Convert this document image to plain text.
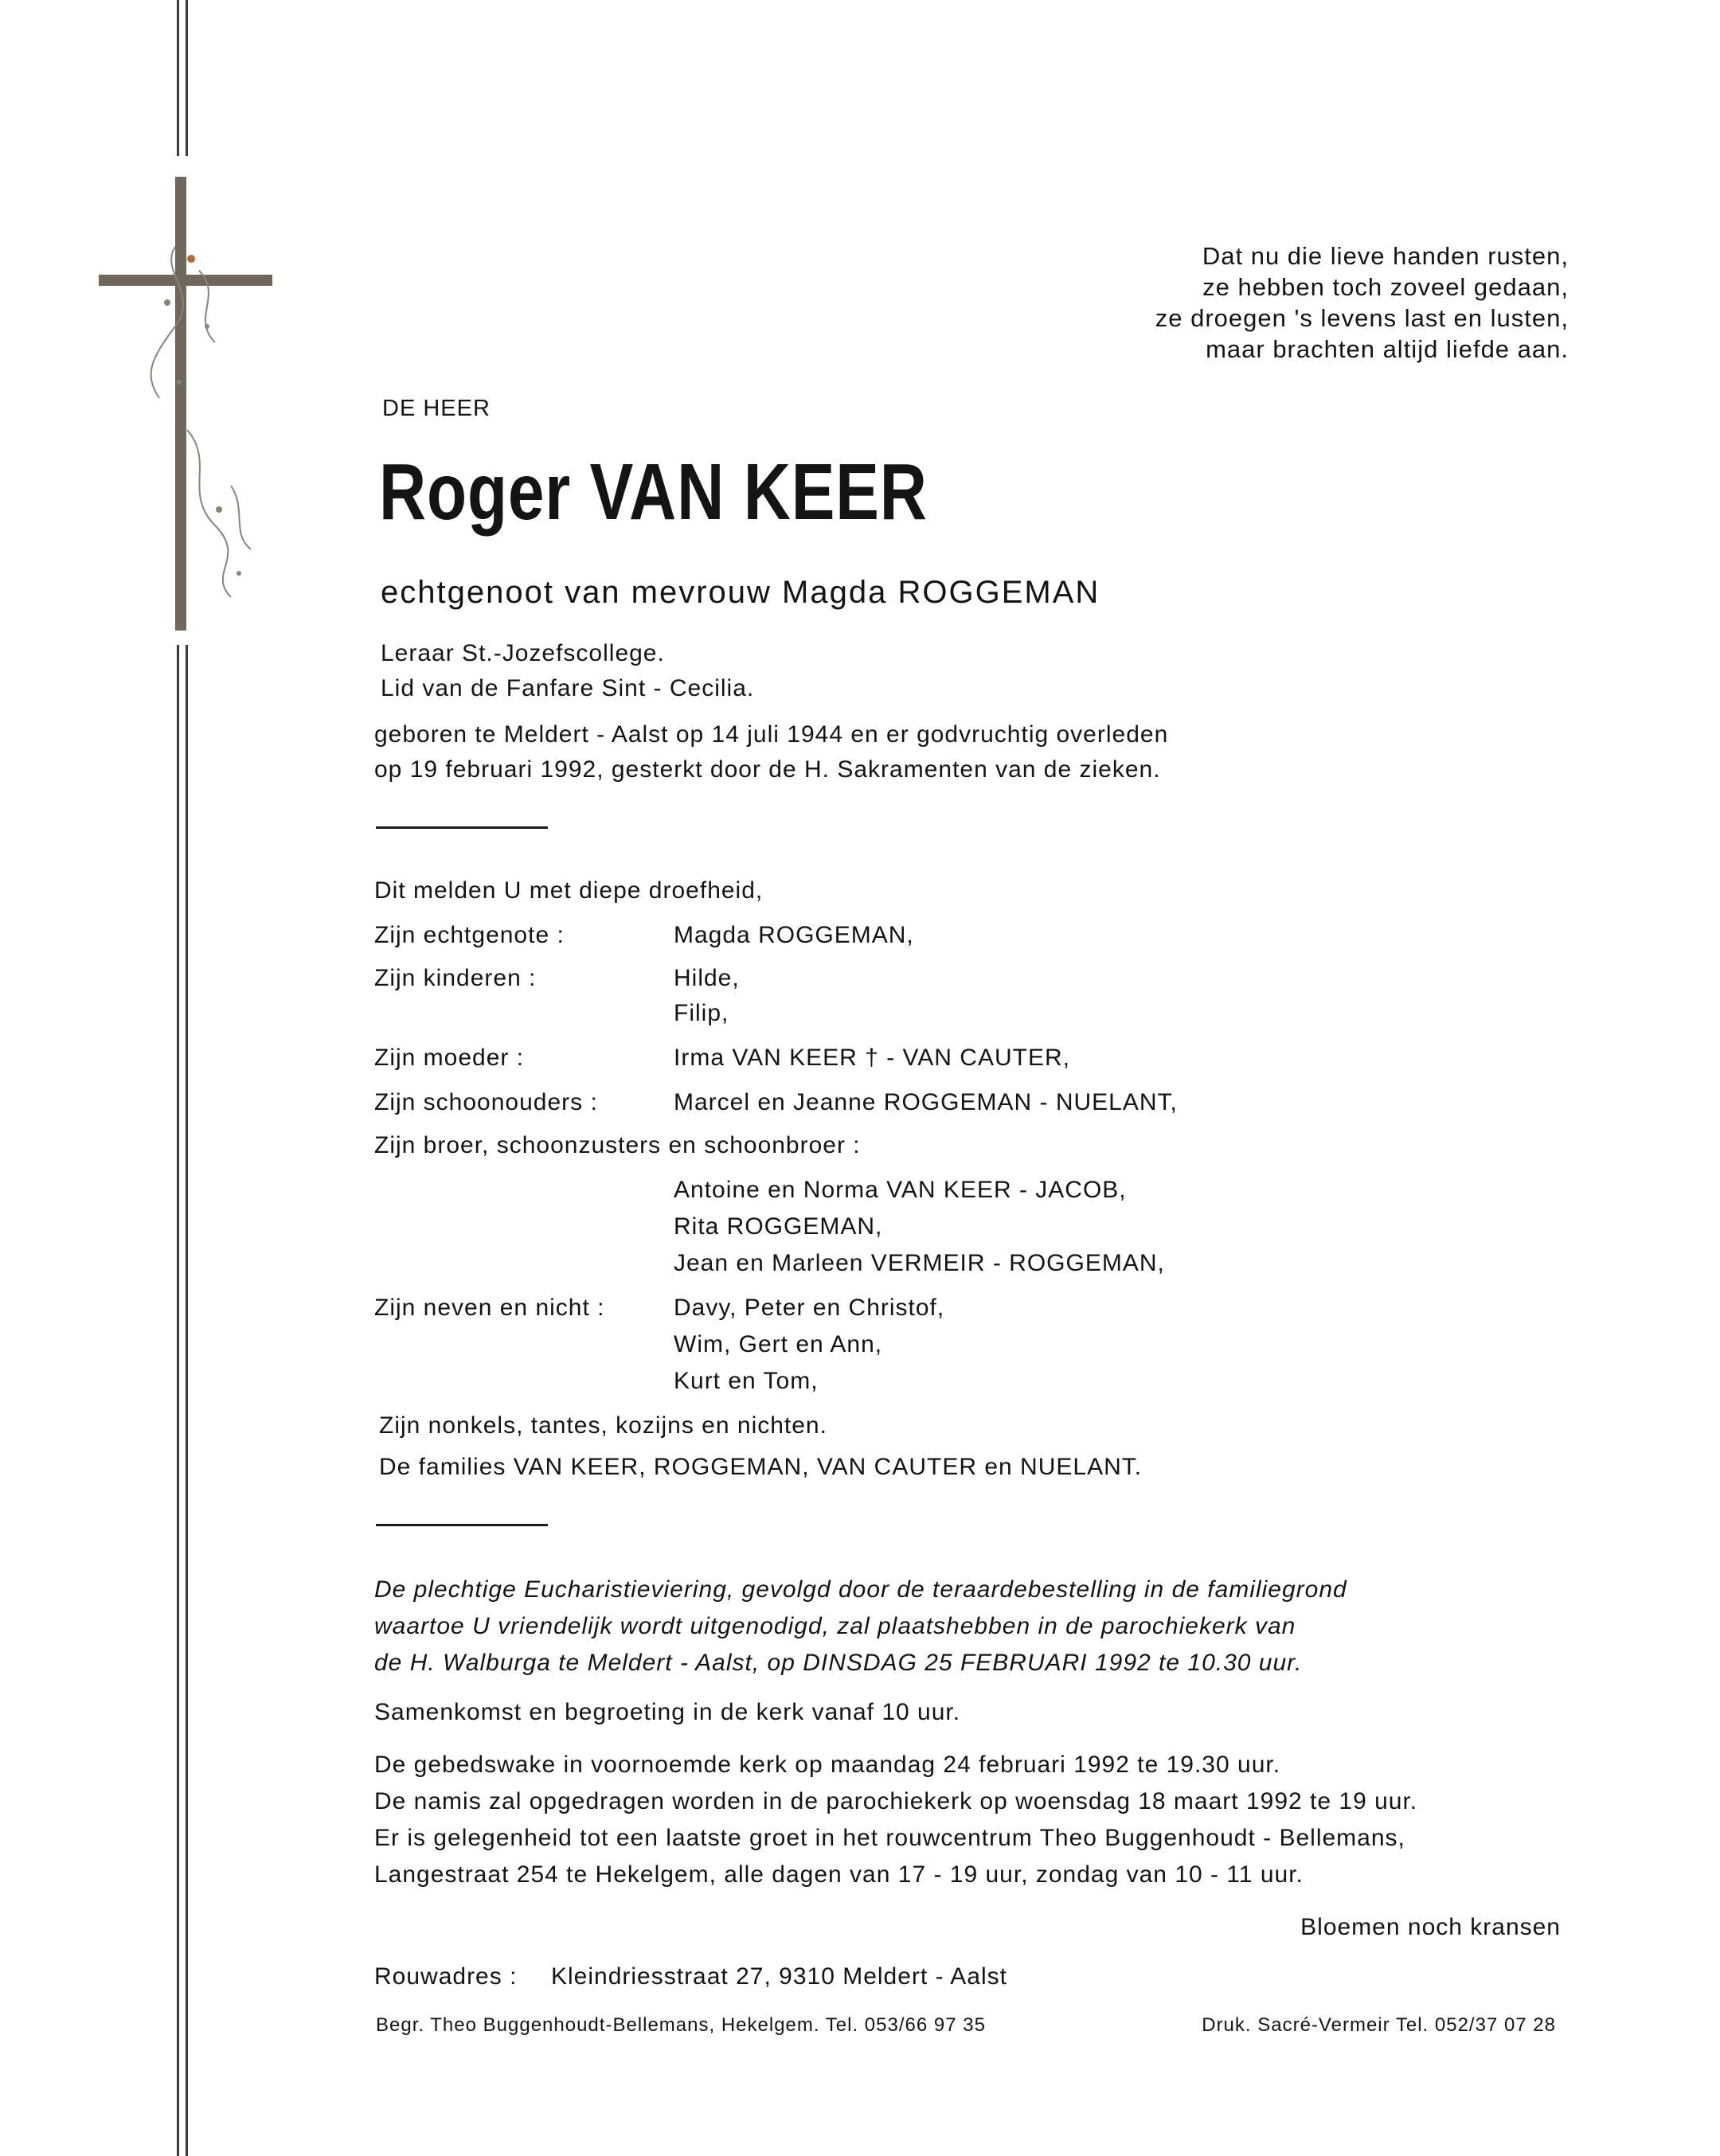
Dat nu die lieve handen rusten,
ze hebben toch zoveel gedaan,
ze droegen 's levens last en lusten,
maar brachten altijd liefde aan.
DE HEER
Roger VAN KEER
echtgenoot van mevrouw Magda ROGGEMAN
Leraar St.-Jozefscollege.
Lid van de Fanfare Sint - Cecilia.
geboren te Meldert - Aalst op 14 juli 1944 en er godvruchtig overleden
op 19 februari 1992, gesterkt door de H. Sakramenten van de zieken.
Dit melden U met diepe droefheid,
Zijn echtgenote :	Magda ROGGEMAN,
Zijn kinderen :	Hilde,
Filip,
Zijn moeder :	Irma VAN KEER † - VAN CAUTER,
Zijn schoonouders :	Marcel en Jeanne ROGGEMAN - NUELANT,
Zijn broer, schoonzusters en schoonbroer :
Antoine en Norma VAN KEER - JACOB,
Rita ROGGEMAN,
Jean en Marleen VERMEIR - ROGGEMAN,
Zijn neven en nicht :	Davy, Peter en Christof,
Wim, Gert en Ann,
Kurt en Tom,
Zijn nonkels, tantes, kozijns en nichten.
De families VAN KEER, ROGGEMAN, VAN CAUTER en NUELANT.
De plechtige Eucharistieviering, gevolgd door de teraardebestelling in de familiegrond
waartoe U vriendelijk wordt uitgenodigd, zal plaatshebben in de parochiekerk van
de H. Walburga te Meldert - Aalst, op DINSDAG 25 FEBRUARI 1992 te 10.30 uur.
Samenkomst en begroeting in de kerk vanaf 10 uur.
De gebedswake in voornoemde kerk op maandag 24 februari 1992 te 19.30 uur.
De namis zal opgedragen worden in de parochiekerk op woensdag 18 maart 1992 te 19 uur.
Er is gelegenheid tot een laatste groet in het rouwcentrum Theo Buggenhoudt - Bellemans,
Langestraat 254 te Hekelgem, alle dagen van 17 - 19 uur, zondag van 10 - 11 uur.
Bloemen noch kransen
Rouwadres : Kleindriesstraat 27, 9310 Meldert - Aalst
Begr. Theo Buggenhoudt-Bellemans, Hekelgem. Tel. 053/66 97 35	Druk. Sacré-Vermeir Tel. 052/37 07 28
